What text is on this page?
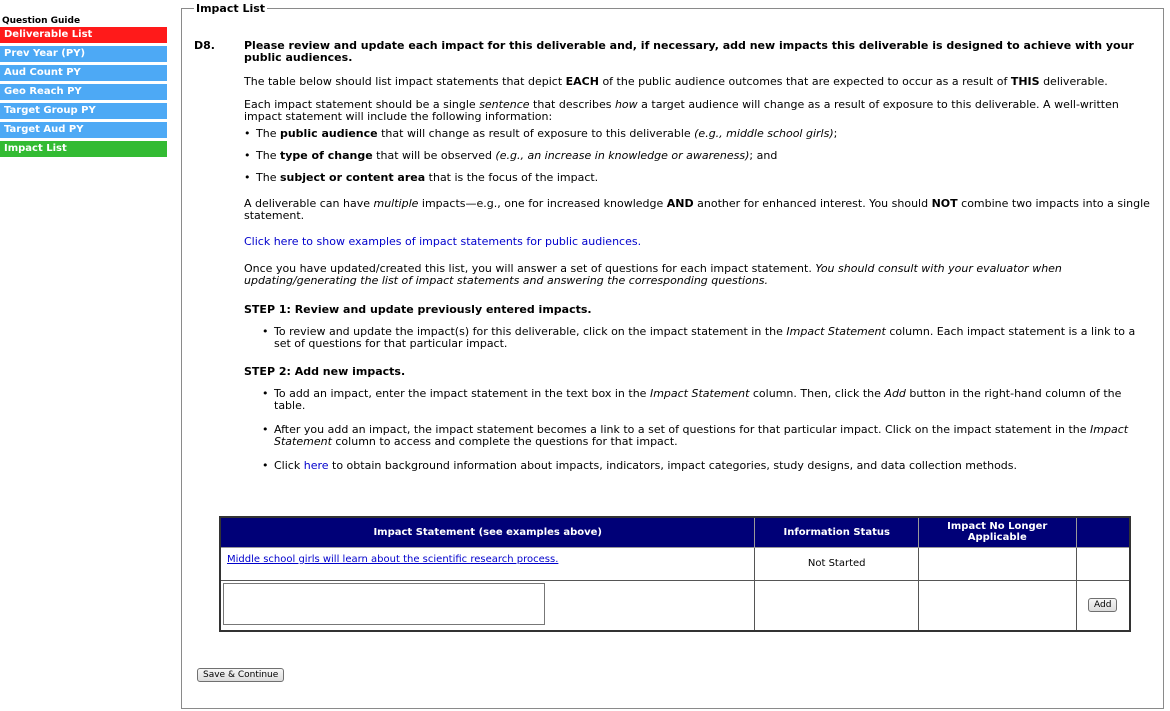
Question Guide
Deliverable List
Prev Year (PY)
Aud Count PY
Geo Reach PY
Target Group PY
Target Aud PY
Impact List
Impact List
D8.	Please review and update each impact for this deliverable and, if necessary, add new impacts this deliverable is designed to achieve with your public audiences.

The table below should list impact statements that depict EACH of the public audience outcomes that are expected to occur as a result of THIS deliverable.

Each impact statement should be a single sentence that describes how a target audience will change as a result of exposure to this deliverable. A well-written impact statement will include the following information:

• The public audience that will change as result of exposure to this deliverable (e.g., middle school girls);
• The type of change that will be observed (e.g., an increase in knowledge or awareness); and
• The subject or content area that is the focus of the impact.

A deliverable can have multiple impacts—e.g., one for increased knowledge AND another for enhanced interest. You should NOT combine two impacts into a single statement.

Click here to show examples of impact statements for public audiences.

Once you have updated/created this list, you will answer a set of questions for each impact statement. You should consult with your evaluator when updating/generating the list of impact statements and answering the corresponding questions.

STEP 1: Review and update previously entered impacts.

• To review and update the impact(s) for this deliverable, click on the impact statement in the Impact Statement column. Each impact statement is a link to a set of questions for that particular impact.

STEP 2: Add new impacts.

• To add an impact, enter the impact statement in the text box in the Impact Statement column. Then, click the Add button in the right-hand column of the table.
• After you add an impact, the impact statement becomes a link to a set of questions for that particular impact. Click on the impact statement in the Impact Statement column to access and complete the questions for that impact.
• Click here to obtain background information about impacts, indicators, impact categories, study designs, and data collection methods.
Impact Statement (see examples above)	Information Status	Impact No Longer Applicable	
Middle school girls will learn about the scientific research process.	Not Started		
			Add
Save & Continue
